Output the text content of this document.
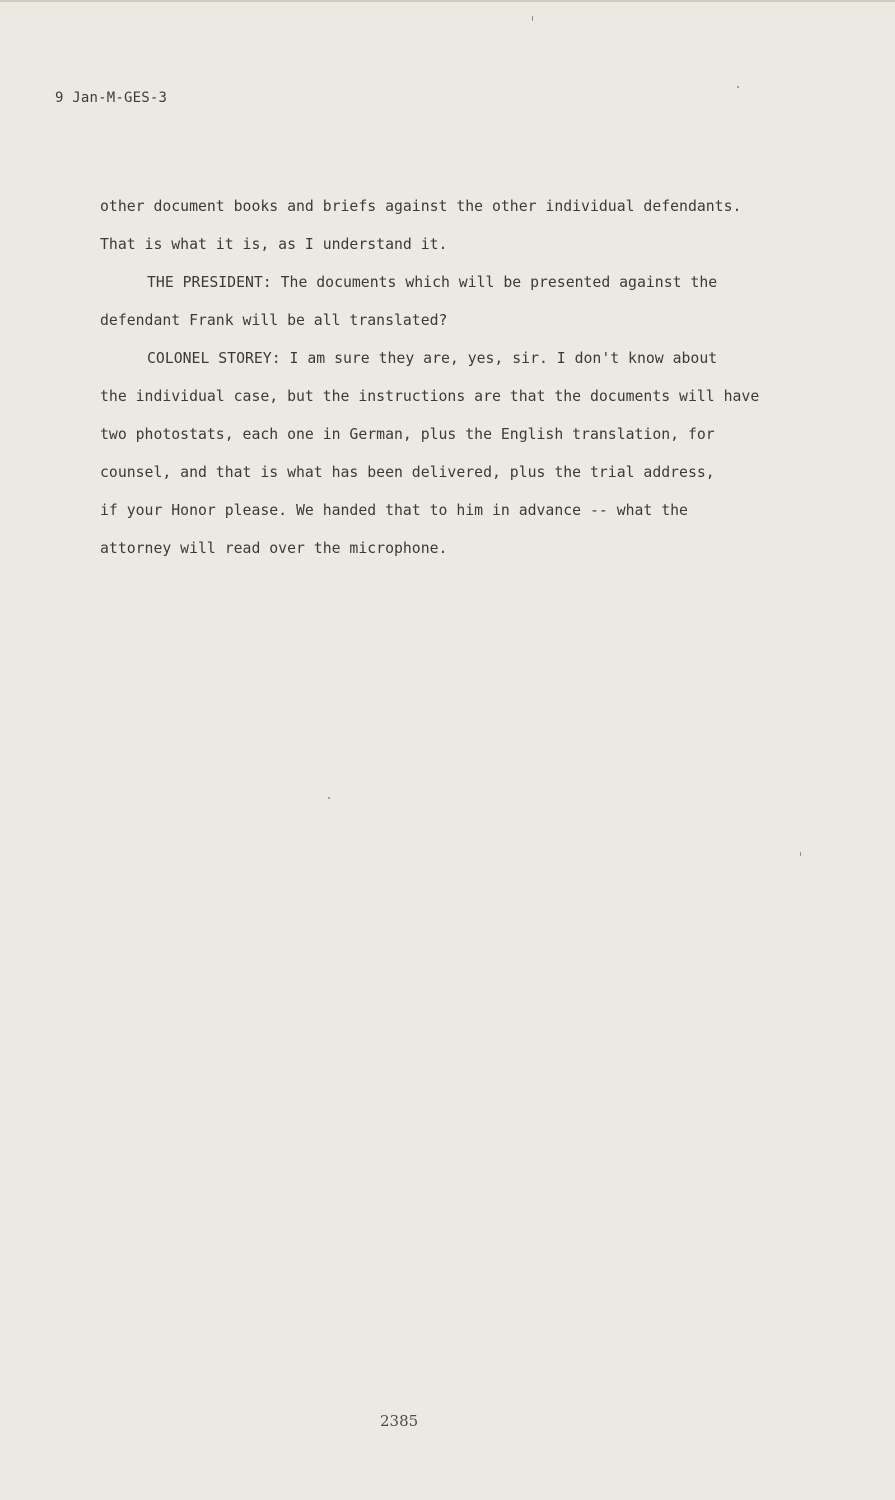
9 Jan-M-GES-3

other document books and briefs against the other individual defendants.

That is what it is, as I understand it.

THE PRESIDENT: The documents which will be presented against the

defendant Frank will be all translated?

COLONEL STOREY: I am sure they are, yes, sir. I don't know about

the individual case, but the instructions are that the documents will have

two photostats, each one in German, plus the English translation, for

counsel, and that is what has been delivered, plus the trial address,

if your Honor please. We handed that to him in advance -- what the

attorney will read over the microphone.

2385
